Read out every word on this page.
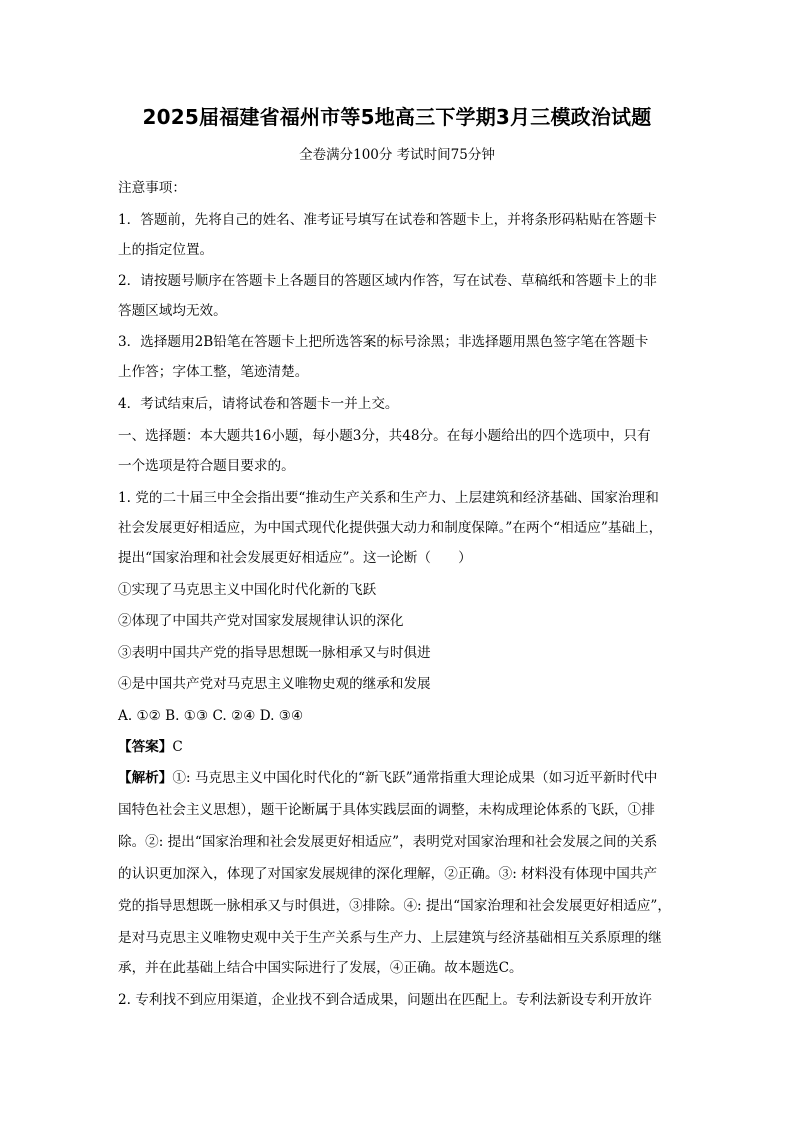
2025届福建省福州市等5地高三下学期3月三模政治试题
全卷满分100分 考试时间75分钟
注意事项：
1．答题前，先将自己的姓名、准考证号填写在试卷和答题卡上，并将条形码粘贴在答题卡
上的指定位置。
2．请按题号顺序在答题卡上各题目的答题区域内作答，写在试卷、草稿纸和答题卡上的非
答题区域均无效。
3．选择题用2B铅笔在答题卡上把所选答案的标号涂黑；非选择题用黑色签字笔在答题卡
上作答；字体工整，笔迹清楚。
4．考试结束后，请将试卷和答题卡一并上交。
一、选择题：本大题共16小题，每小题3分，共48分。在每小题给出的四个选项中，只有
一个选项是符合题目要求的。
1. 党的二十届三中全会指出要“推动生产关系和生产力、上层建筑和经济基础、国家治理和
社会发展更好相适应，为中国式现代化提供强大动力和制度保障。”在两个“相适应”基础上，
提出“国家治理和社会发展更好相适应”。这一论断（　　）
①实现了马克思主义中国化时代化新的飞跃
②体现了中国共产党对国家发展规律认识的深化
③表明中国共产党的指导思想既一脉相承又与时俱进
④是中国共产党对马克思主义唯物史观的继承和发展
A. ①② B. ①③ C. ②④ D. ③④
【答案】C
【解析】①: 马克思主义中国化时代化的“新飞跃”通常指重大理论成果（如习近平新时代中
国特色社会主义思想），题干论断属于具体实践层面的调整，未构成理论体系的飞跃，①排
除。②: 提出“国家治理和社会发展更好相适应”，表明党对国家治理和社会发展之间的关系
的认识更加深入，体现了对国家发展规律的深化理解，②正确。③: 材料没有体现中国共产
党的指导思想既一脉相承又与时俱进，③排除。④: 提出“国家治理和社会发展更好相适应”，
是对马克思主义唯物史观中关于生产关系与生产力、上层建筑与经济基础相互关系原理的继
承，并在此基础上结合中国实际进行了发展，④正确。故本题选C。
2. 专利找不到应用渠道，企业找不到合适成果，问题出在匹配上。专利法新设专利开放许
